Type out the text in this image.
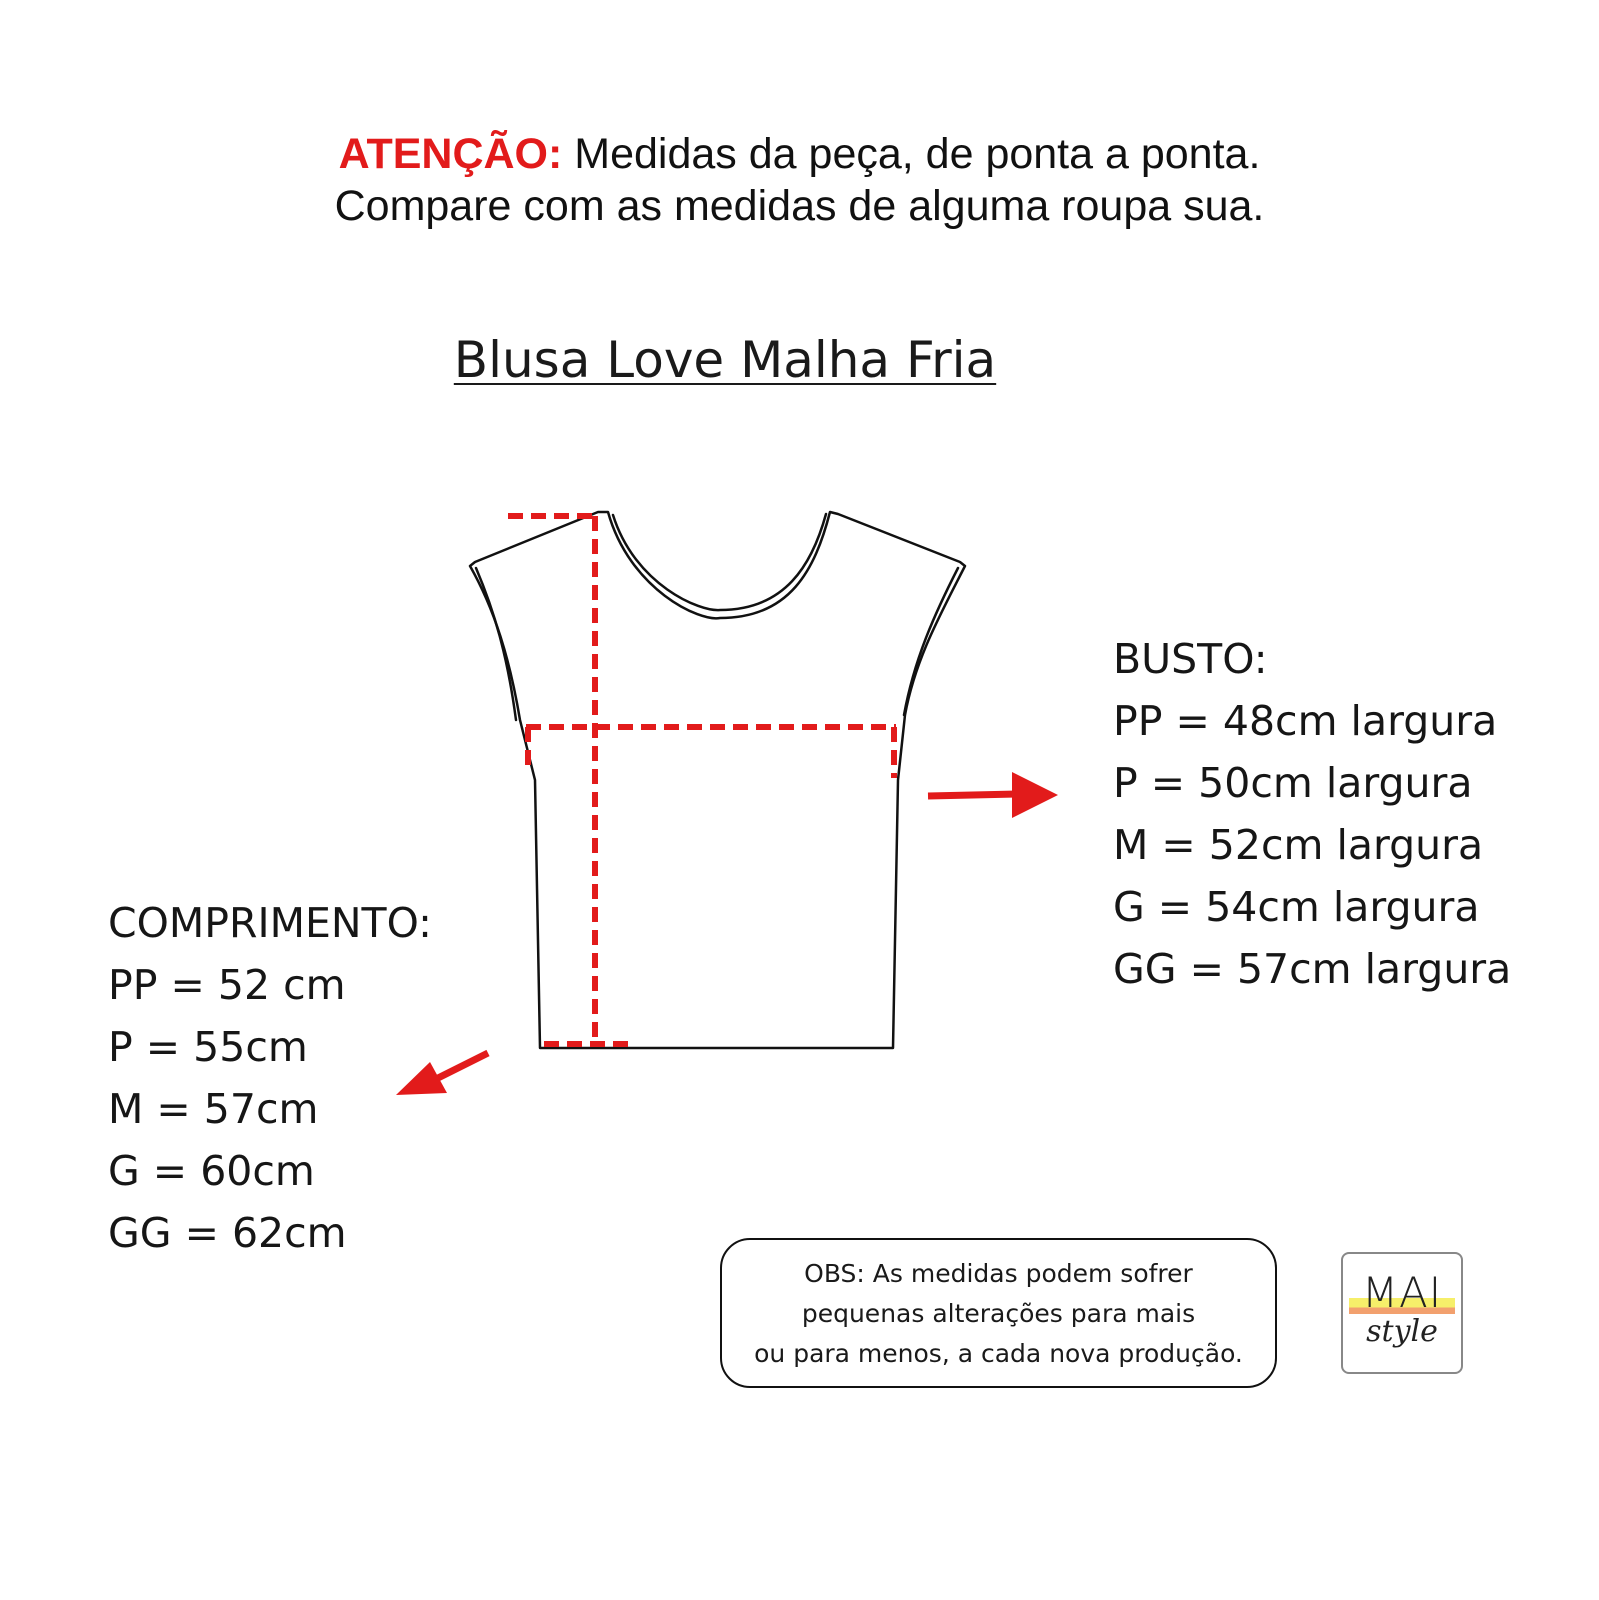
ATENÇÃO: Medidas da peça, de ponta a ponta.
Compare com as medidas de alguma roupa sua.
Blusa Love Malha Fria
BUSTO:
PP = 48cm largura
P = 50cm largura
M = 52cm largura
G = 54cm largura
GG = 57cm largura
COMPRIMENTO:
PP = 52 cm
P = 55cm
M = 57cm
G = 60cm
GG = 62cm
OBS: As medidas podem sofrer
pequenas alterações para mais
ou para menos, a cada nova produção.
MAI
style
